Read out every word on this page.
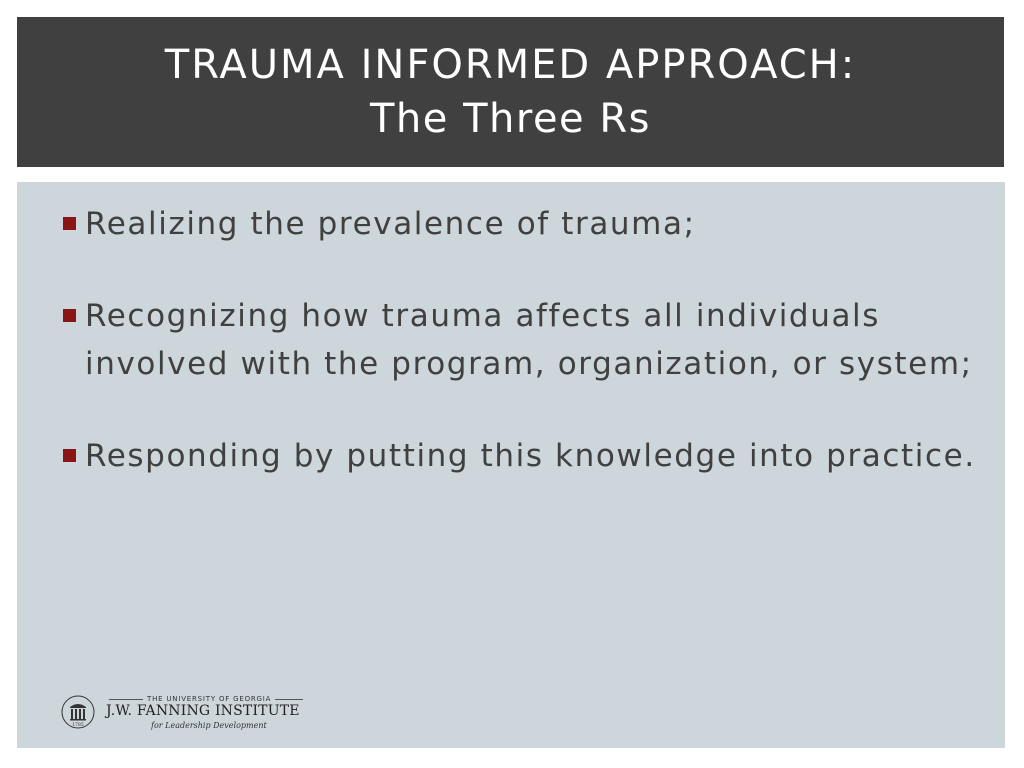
TRAUMA INFORMED APPROACH:
The Three Rs
Realizing the prevalence of trauma;
Recognizing how trauma affects all individuals involved with the program, organization, or system;
Responding by putting this knowledge into practice.
1785
THE UNIVERSITY OF GEORGIA
J.W. FANNING INSTITUTE
for Leadership Development
